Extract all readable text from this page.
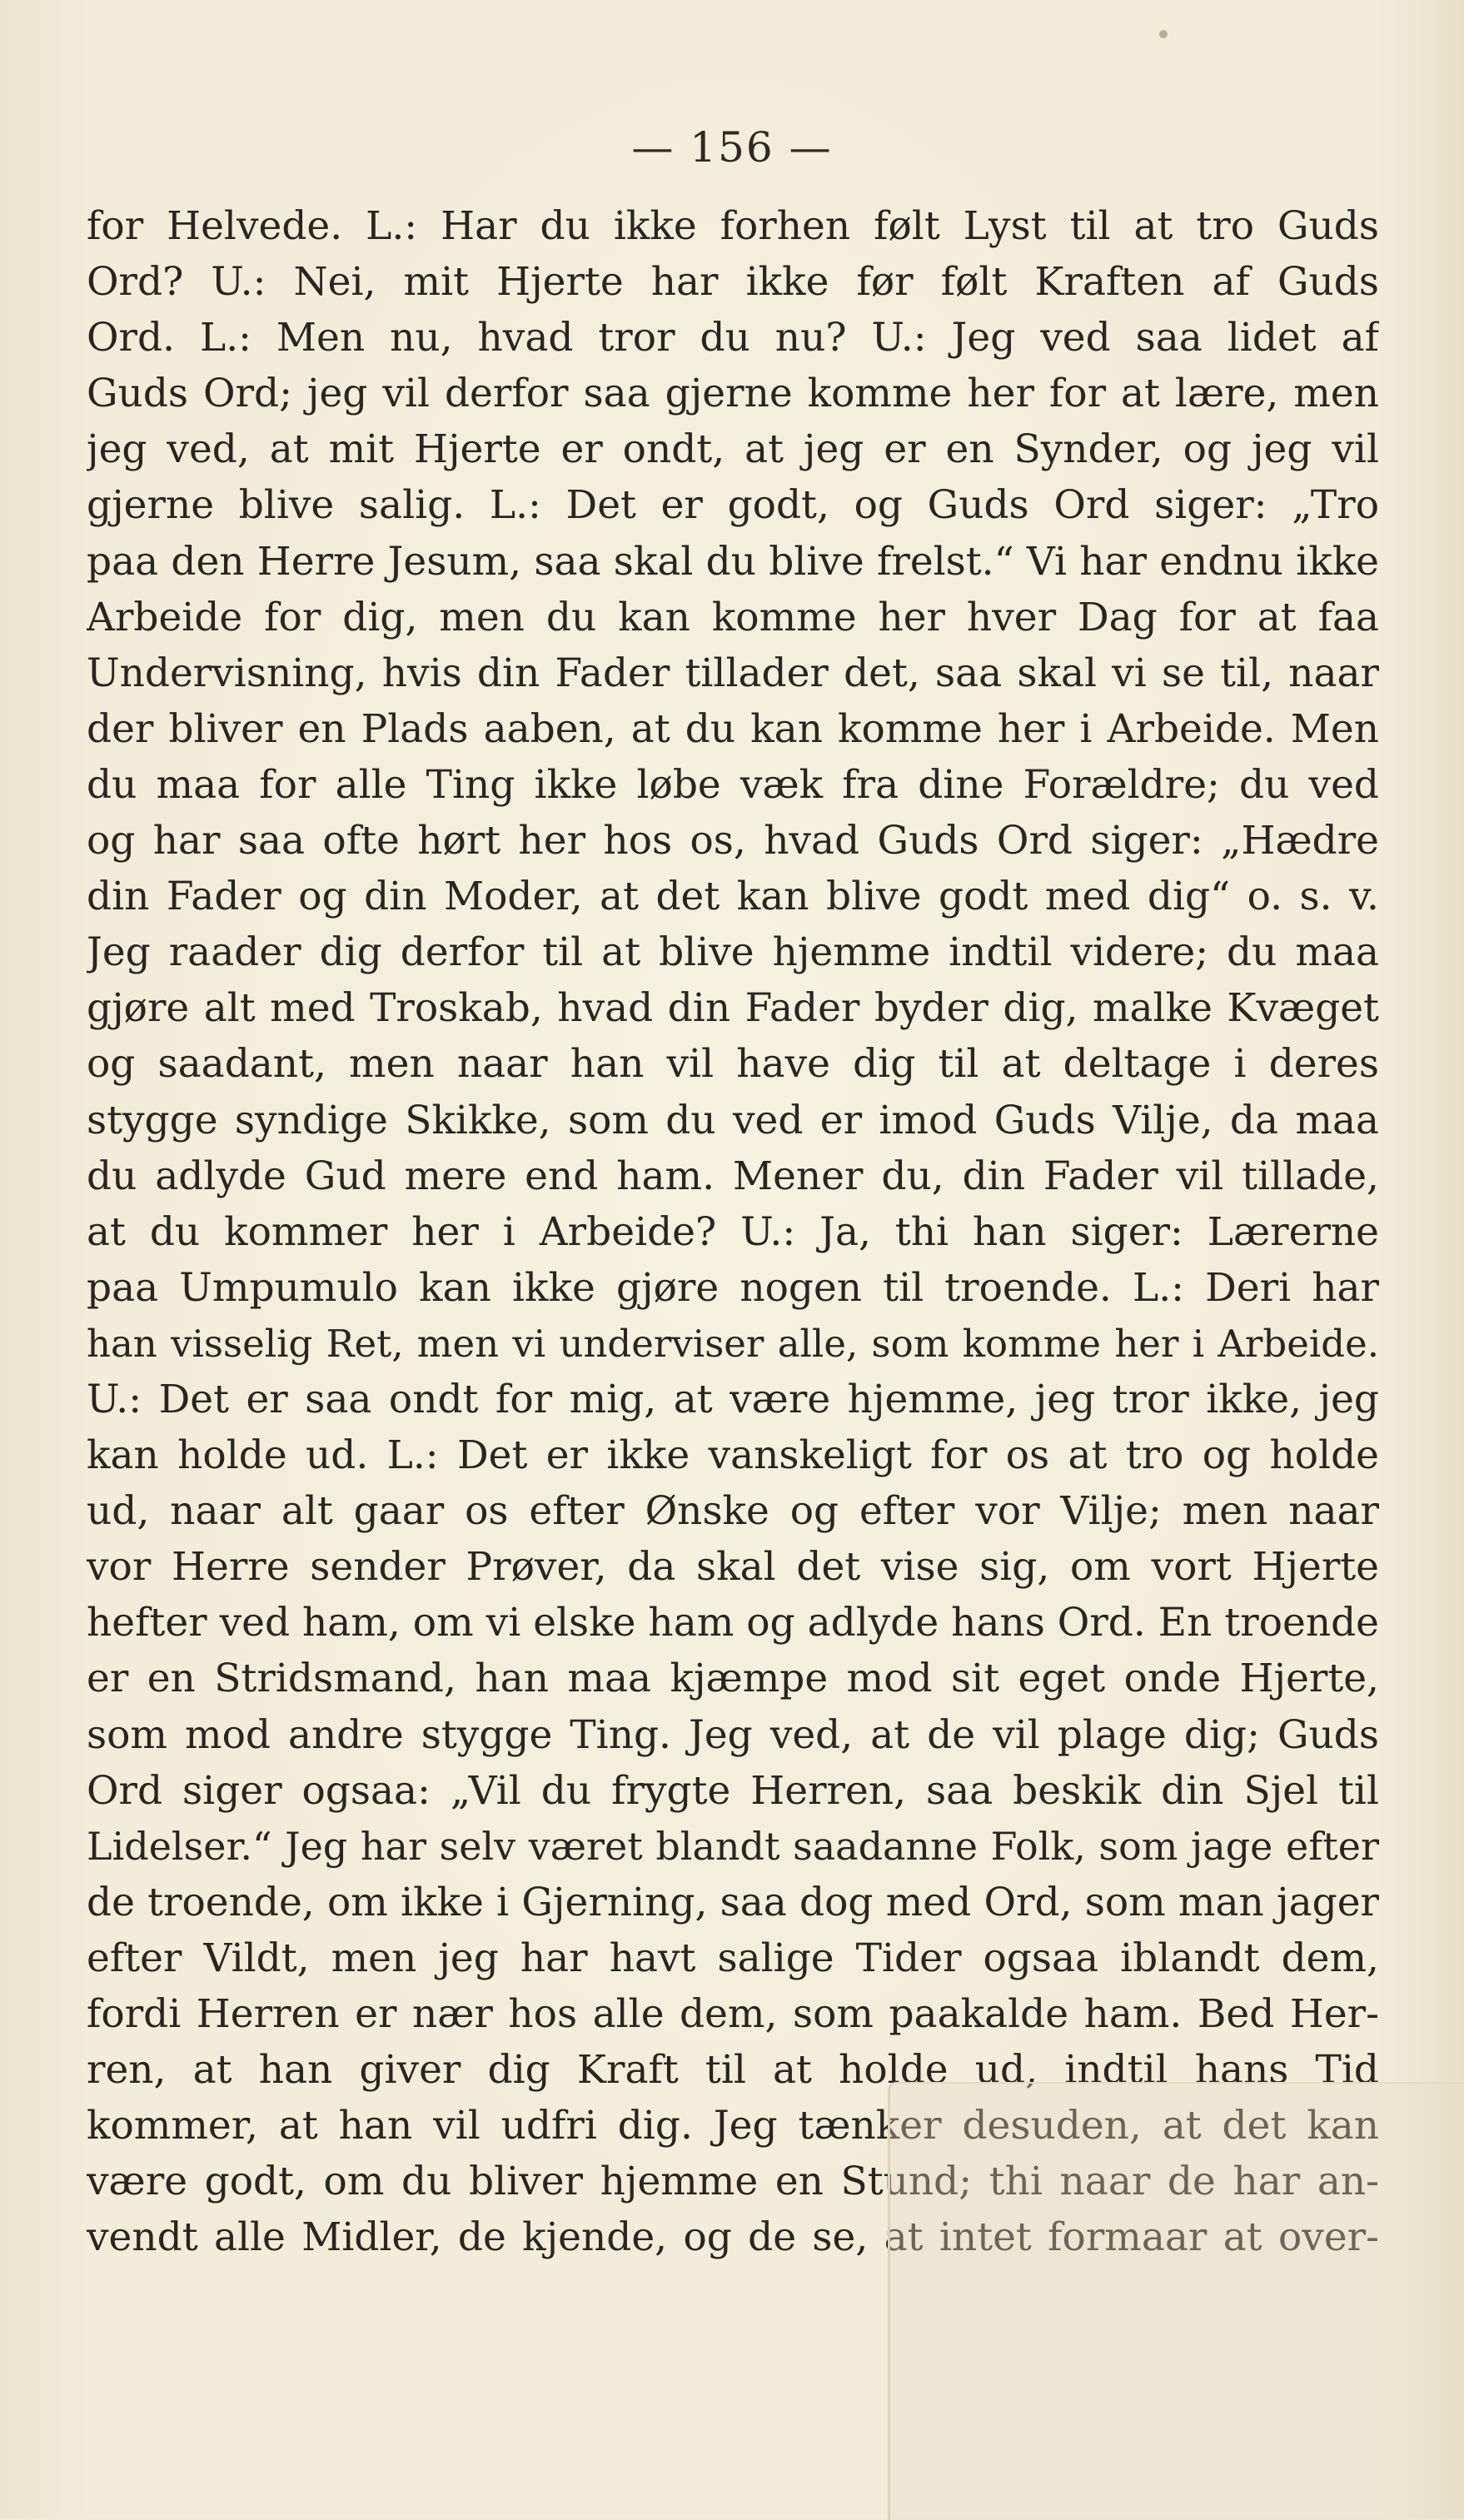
— 156 —
for Helvede. L.: Har du ikke forhen følt Lyst til at tro Guds
Ord? U.: Nei, mit Hjerte har ikke før følt Kraften af Guds
Ord. L.: Men nu, hvad tror du nu? U.: Jeg ved saa lidet af
Guds Ord; jeg vil derfor saa gjerne komme her for at lære, men
jeg ved, at mit Hjerte er ondt, at jeg er en Synder, og jeg vil
gjerne blive salig. L.: Det er godt, og Guds Ord siger: „Tro
paa den Herre Jesum, saa skal du blive frelst.“ Vi har endnu ikke
Arbeide for dig, men du kan komme her hver Dag for at faa
Undervisning, hvis din Fader tillader det, saa skal vi se til, naar
der bliver en Plads aaben, at du kan komme her i Arbeide. Men
du maa for alle Ting ikke løbe væk fra dine Forældre; du ved
og har saa ofte hørt her hos os, hvad Guds Ord siger: „Hædre
din Fader og din Moder, at det kan blive godt med dig“ o. s. v.
Jeg raader dig derfor til at blive hjemme indtil videre; du maa
gjøre alt med Troskab, hvad din Fader byder dig, malke Kvæget
og saadant, men naar han vil have dig til at deltage i deres
stygge syndige Skikke, som du ved er imod Guds Vilje, da maa
du adlyde Gud mere end ham. Mener du, din Fader vil tillade,
at du kommer her i Arbeide? U.: Ja, thi han siger: Lærerne
paa Umpumulo kan ikke gjøre nogen til troende. L.: Deri har
han visselig Ret, men vi underviser alle, som komme her i Arbeide.
U.: Det er saa ondt for mig, at være hjemme, jeg tror ikke, jeg
kan holde ud. L.: Det er ikke vanskeligt for os at tro og holde
ud, naar alt gaar os efter Ønske og efter vor Vilje; men naar
vor Herre sender Prøver, da skal det vise sig, om vort Hjerte
hefter ved ham, om vi elske ham og adlyde hans Ord. En troende
er en Stridsmand, han maa kjæmpe mod sit eget onde Hjerte,
som mod andre stygge Ting. Jeg ved, at de vil plage dig; Guds
Ord siger ogsaa: „Vil du frygte Herren, saa beskik din Sjel til
Lidelser.“ Jeg har selv været blandt saadanne Folk, som jage efter
de troende, om ikke i Gjerning, saa dog med Ord, som man jager
efter Vildt, men jeg har havt salige Tider ogsaa iblandt dem,
fordi Herren er nær hos alle dem, som paakalde ham. Bed Her-
ren, at han giver dig Kraft til at holde ud, indtil hans Tid
kommer, at han vil udfri dig. Jeg tænker desuden, at det kan
være godt, om du bliver hjemme en Stund; thi naar de har an-
vendt alle Midler, de kjende, og de se, at intet formaar at over-
